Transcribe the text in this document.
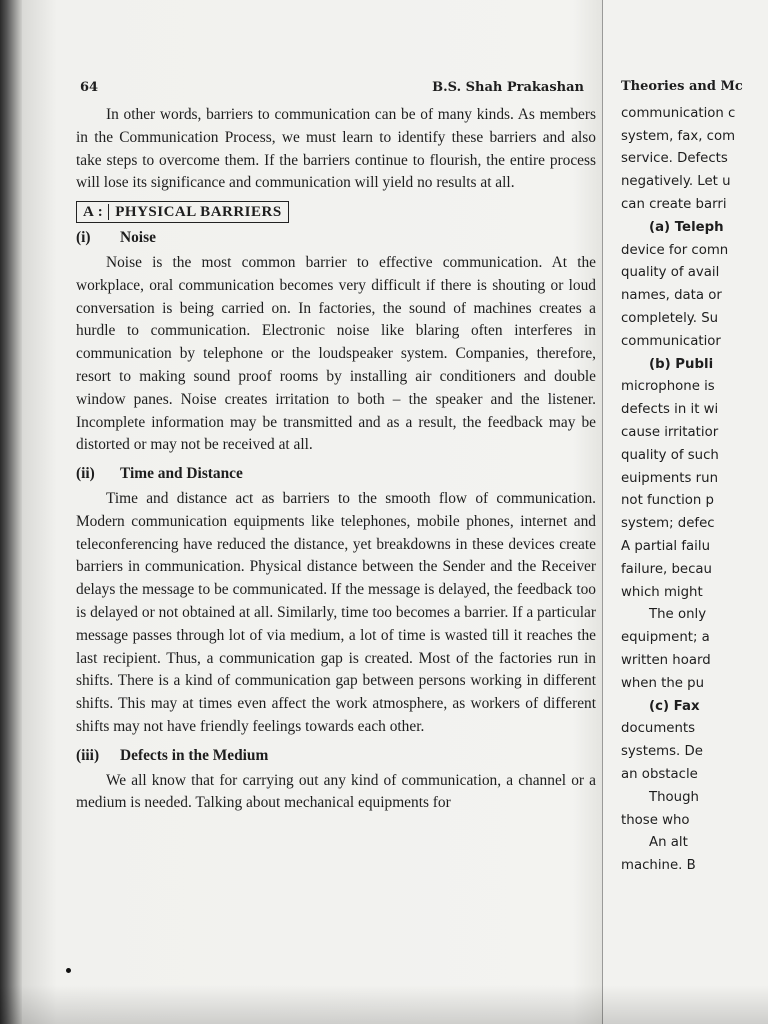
64	B.S. Shah Prakashan

In other words, barriers to communication can be of many kinds. As members in the Communication Process, we must learn to identify these barriers and also take steps to overcome them. If the barriers continue to flourish, the entire process will lose its significance and communication will yield no results at all.

A : PHYSICAL BARRIERS
(i)	Noise

Noise is the most common barrier to effective communication. At the workplace, oral communication becomes very difficult if there is shouting or loud conversation is being carried on. In factories, the sound of machines creates a hurdle to communication. Electronic noise like blaring often interferes in communication by telephone or the loudspeaker system. Companies, therefore, resort to making sound proof rooms by installing air conditioners and double window panes. Noise creates irritation to both – the speaker and the listener. Incomplete information may be transmitted and as a result, the feedback may be distorted or may not be received at all.

(ii)	Time and Distance

Time and distance act as barriers to the smooth flow of communication. Modern communication equipments like telephones, mobile phones, internet and teleconferencing have reduced the distance, yet breakdowns in these devices create barriers in communication. Physical distance between the Sender and the Receiver delays the message to be communicated. If the message is delayed, the feedback too is delayed or not obtained at all. Similarly, time too becomes a barrier. If a particular message passes through lot of via medium, a lot of time is wasted till it reaches the last recipient. Thus, a communication gap is created. Most of the factories run in shifts. There is a kind of communication gap between persons working in different shifts. This may at times even affect the work atmosphere, as workers of different shifts may not have friendly feelings towards each other.

(iii) Defects in the Medium

We all know that for carrying out any kind of communication, a channel or a medium is needed. Talking about mechanical equipments for

Theories and Mc
communication c
system, fax, com
service. Defects
negatively. Let u
can create barri
(a) Teleph
device for comn
quality of avail
names, data or
completely. Su
communicatior
(b) Publi
microphone is
defects in it wi
cause irritatior
quality of such
euipments run
not function p
system; defec
A partial failu
failure, becau
which might
The only
equipment; a
written hoard
when the pu
(c) Fax
documents
systems. De
an obstacle
Though
those who
An alt
machine. B
